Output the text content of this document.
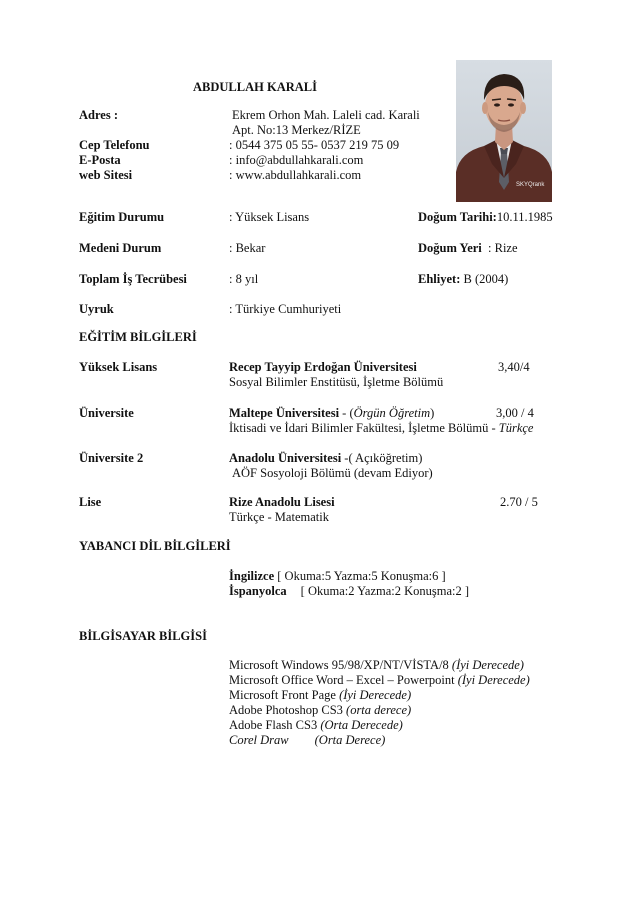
ABDULLAH KARALİ
SKYQrank
Adres :	Ekrem Orhon Mah. Laleli cad. Karali
Apt. No:13 Merkez/RİZE
Cep Telefonu	: 0544 375 05 55- 0537 219 75 09
E-Posta	: info@abdullahkarali.com
web Sitesi	: www.abdullahkarali.com
Eğitim Durumu	: Yüksek Lisans	Doğum Tarihi:10.11.1985
Medeni Durum	: Bekar	Doğum Yeri : Rize
Toplam İş Tecrübesi	: 8 yıl	Ehliyet: B (2004)
Uyruk	: Türkiye Cumhuriyeti
EĞİTİM BİLGİLERİ
Yüksek Lisans	Recep Tayyip Erdoğan Üniversitesi	3,40/4
Sosyal Bilimler Enstitüsü, İşletme Bölümü
Üniversite	Maltepe Üniversitesi - (Örgün Öğretim)	3,00 / 4
İktisadi ve İdari Bilimler Fakültesi, İşletme Bölümü - Türkçe
Üniversite 2	Anadolu Üniversitesi -( Açıköğretim)
AÖF Sosyoloji Bölümü (devam Ediyor)
Lise	Rize Anadolu Lisesi	2.70 / 5
Türkçe - Matematik
YABANCI DİL BİLGİLERİ
İngilizce [ Okuma:5 Yazma:5 Konuşma:6 ]
İspanyolca [ Okuma:2 Yazma:2 Konuşma:2 ]
BİLGİSAYAR BİLGİSİ
Microsoft Windows 95/98/XP/NT/VİSTA/8 (İyi Derecede)
Microsoft Office Word – Excel – Powerpoint (İyi Derecede)
Microsoft Front Page (İyi Derecede)
Adobe Photoshop CS3 (orta derece)
Adobe Flash CS3 (Orta Derecede)
Corel Draw (Orta Derece)
